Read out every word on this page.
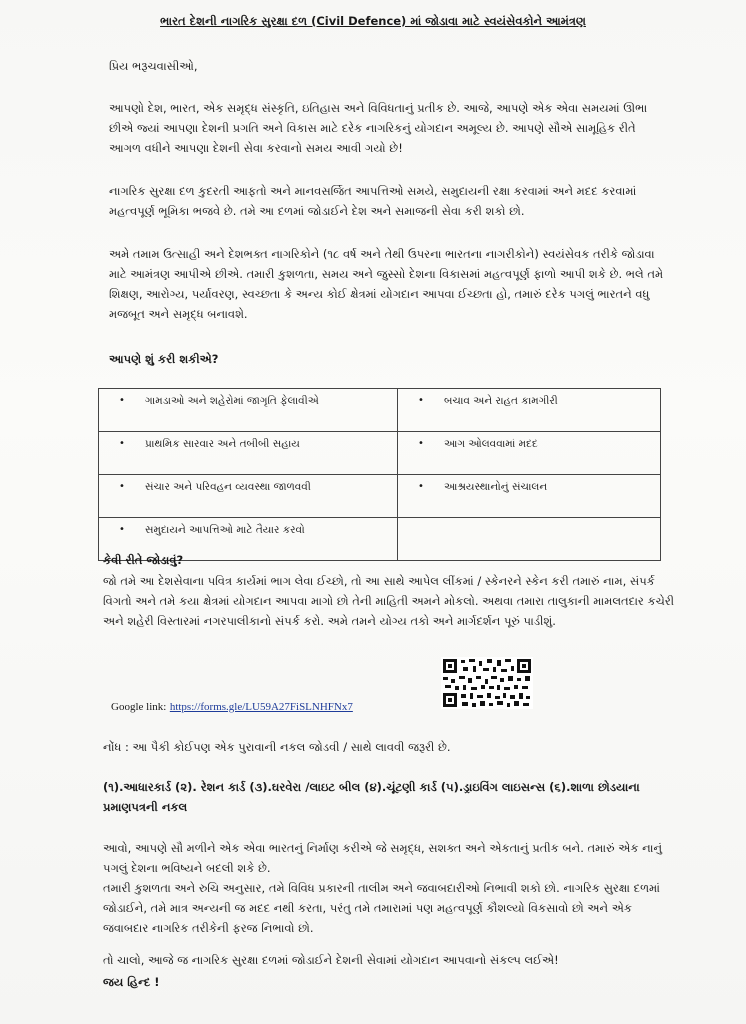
ભારત દેશની નાગરિક સુરક્ષા દળ (Civil Defence) માં જોડાવા માટે સ્વયંસેવકોને આમંત્રણ

પ્રિય ભરૂચવાસીઓ,

આપણો દેશ, ભારત, એક સમૃદ્ધ સંસ્કૃતિ, ઇતિહાસ અને વિવિધતાનું પ્રતીક છે. આજે, આપણે એક એવા સમયમાં ઊભા છીએ જ્યાં આપણા દેશની પ્રગતિ અને વિકાસ માટે દરેક નાગરિકનું યોગદાન અમૂલ્ય છે. આપણે સૌએ સામૂહિક રીતે આગળ વધીને આપણા દેશની સેવા કરવાનો સમય આવી ગયો છે!

નાગરિક સુરક્ષા દળ કુદરતી આફતો અને માનવસર્જિત આપત્તિઓ સમયે, સમુદાયની રક્ષા કરવામાં અને મદદ કરવામાં મહત્વપૂર્ણ ભૂમિકા ભજવે છે. તમે આ દળમાં જોડાઈને દેશ અને સમાજની સેવા કરી શકો છો.

અમે તમામ ઉત્સાહી અને દેશભક્ત નાગરિકોને (૧૮ વર્ષ અને તેથી ઉપરના ભારતના નાગરીકોને) સ્વયંસેવક તરીકે જોડાવા માટે આમંત્રણ આપીએ છીએ. તમારી કુશળતા, સમય અને જુસ્સો દેશના વિકાસમાં મહત્વપૂર્ણ ફાળો આપી શકે છે. ભલે તમે શિક્ષણ, આરોગ્ય, પર્યાવરણ, સ્વચ્છતા કે અન્ય કોઈ ક્ષેત્રમાં યોગદાન આપવા ઈચ્છતા હો, તમારું દરેક પગલું ભારતને વધુ મજબૂત અને સમૃદ્ધ બનાવશે.

આપણે શું કરી શકીએ?

• ગામડાઓ અને શહેરોમાં જાગૃતિ ફેલાવીએ	• બચાવ અને રાહત કામગીરી

• પ્રાથમિક સારવાર અને તબીબી સહાય	• આગ ઓલવવામાં મદદ

• સંચાર અને પરિવહન વ્યવસ્થા જાળવવી	• આશ્રયસ્થાનોનું સંચાલન

• સમુદાયને આપત્તિઓ માટે તૈયાર કરવો	

કેવી રીતે જોડાવું?

જો તમે આ દેશસેવાના પવિત્ર કાર્યમાં ભાગ લેવા ઈચ્છો, તો આ સાથે આપેલ લીંકમાં / સ્કેનરને સ્કેન કરી તમારું નામ, સંપર્ક વિગતો અને તમે કયા ક્ષેત્રમાં યોગદાન આપવા માગો છો તેની માહિતી અમને મોકલો. અથવા તમારા તાલુકાની મામલતદાર કચેરી અને શહેરી વિસ્તારમાં નગરપાલીકાનો સંપર્ક કરો. અમે તમને યોગ્ય તકો અને માર્ગદર્શન પૂરું પાડીશું.

Google link: https://forms.gle/LU59A27FiSLNHFNx7

નોંધ : આ પૈકી કોઈપણ એક પુરાવાની નકલ જોડવી / સાથે લાવવી જરૂરી છે.

(૧).આધારકાર્ડ (૨). રેશન કાર્ડ (૩).ઘરવેરા /લાઇટ બીલ (૪).ચૂંટણી કાર્ડ (૫).ડ્રાઇવિંગ લાઇસન્સ (૬).શાળા છોડયાના પ્રમાણપત્રની નકલ

આવો, આપણે સૌ મળીને એક એવા ભારતનું નિર્માણ કરીએ જે સમૃદ્ધ, સશક્ત અને એકતાનું પ્રતીક બને. તમારું એક નાનું પગલું દેશના ભવિષ્યને બદલી શકે છે.

તમારી કુશળતા અને રુચિ અનુસાર, તમે વિવિધ પ્રકારની તાલીમ અને જવાબદારીઓ નિભાવી શકો છો. નાગરિક સુરક્ષા દળમાં જોડાઈને, તમે માત્ર અન્યની જ મદદ નથી કરતા, પરંતુ તમે તમારામાં પણ મહત્વપૂર્ણ કૌશલ્યો વિકસાવો છો અને એક જવાબદાર નાગરિક તરીકેની ફરજ નિભાવો છો.

તો ચાલો, આજે જ નાગરિક સુરક્ષા દળમાં જોડાઈને દેશની સેવામાં યોગદાન આપવાનો સંકલ્પ લઈએ!

જય હિન્દ !
